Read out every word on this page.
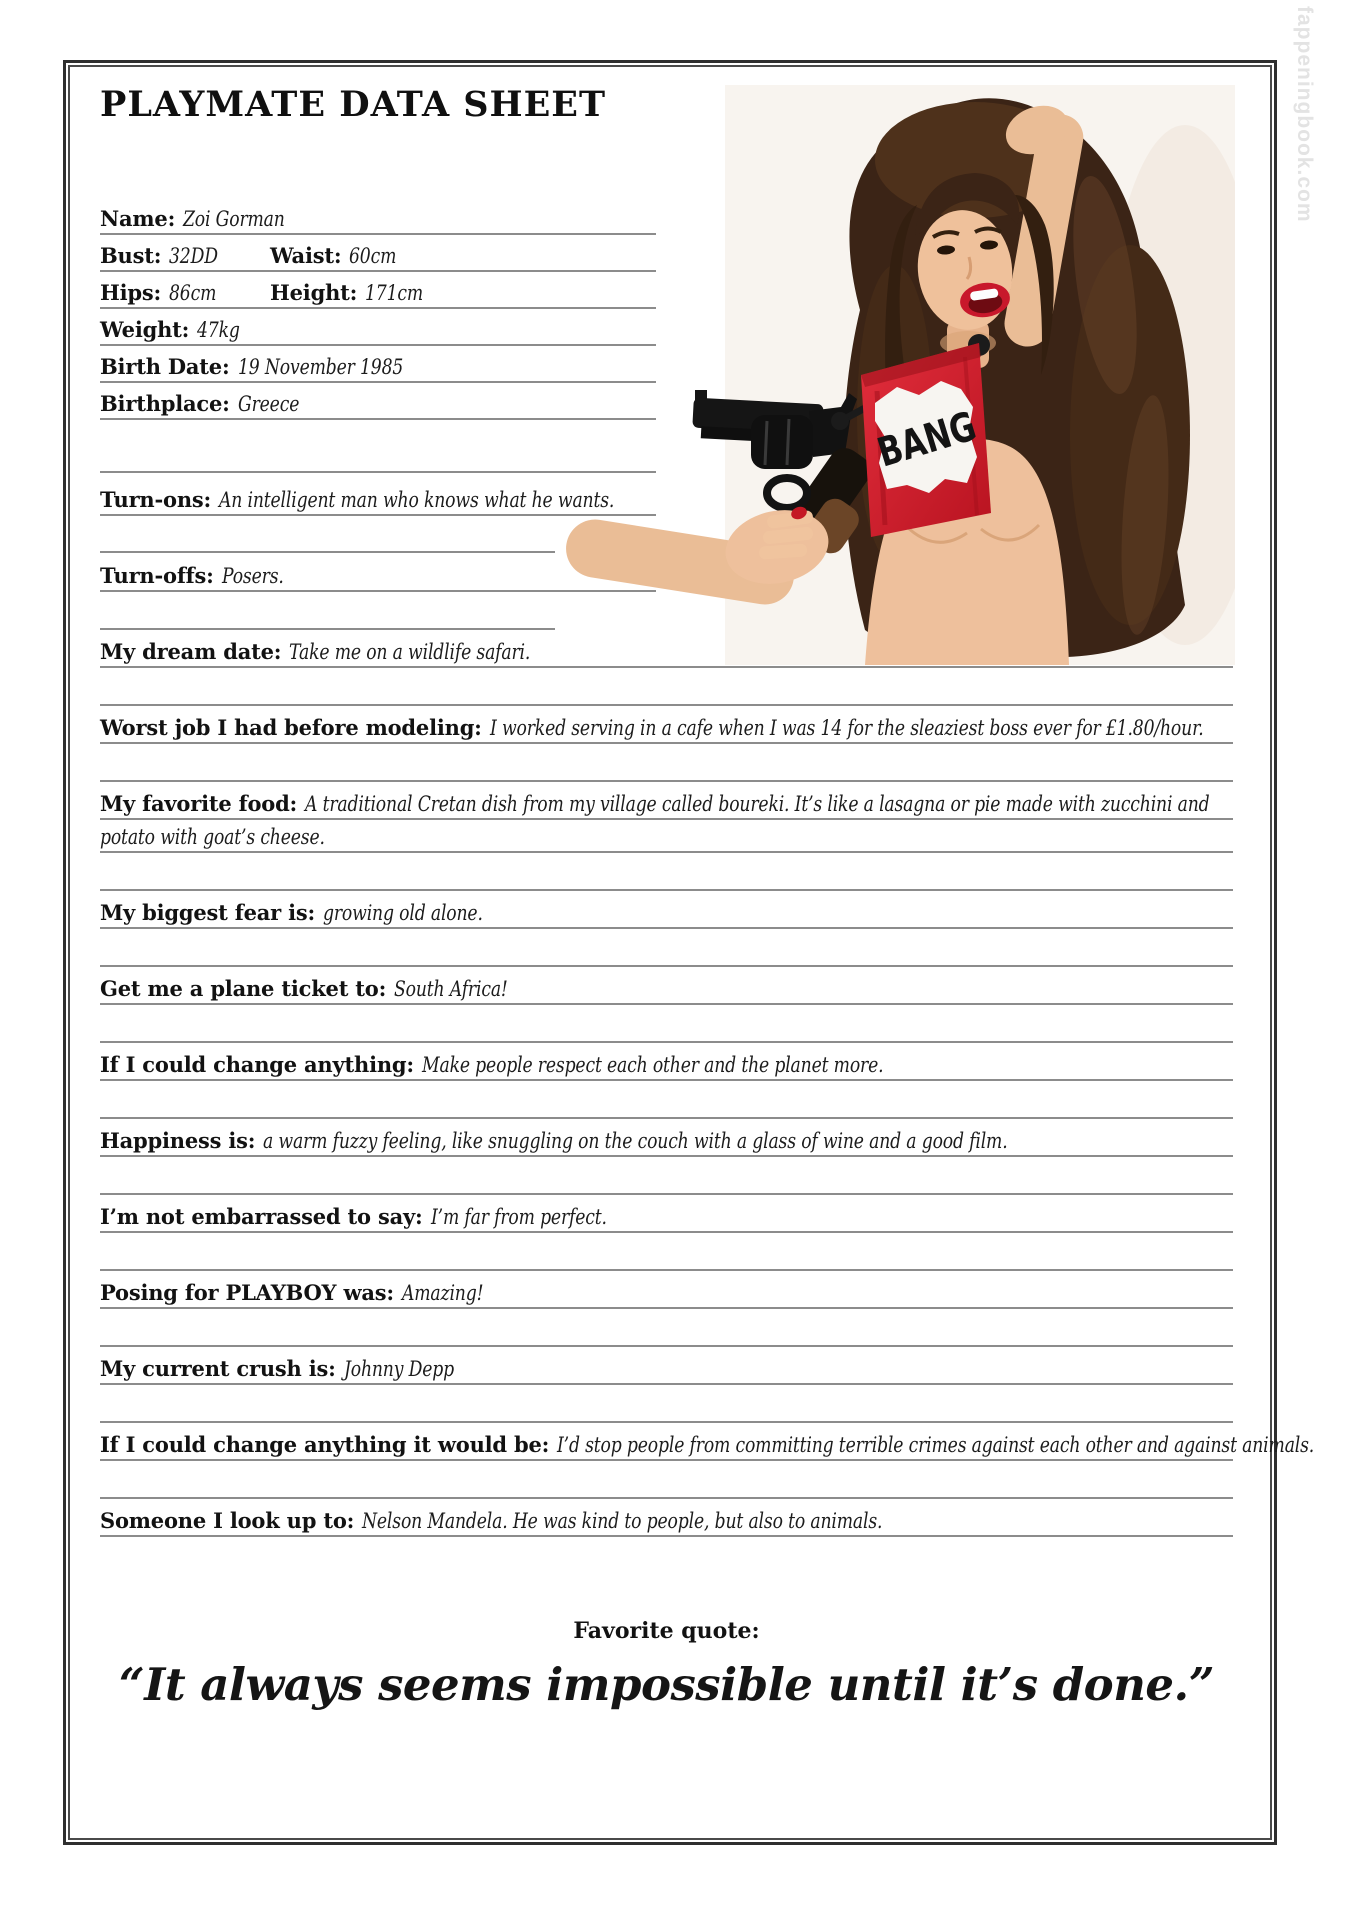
fappeningbook.com
PLAYMATE DATA SHEET
Name: Zoi Gorman
Bust: 32DD Waist: 60cm
Hips: 86cm	Height: 171cm
Weight: 47kg
Birth Date: 19 November 1985
Birthplace: Greece
Turn-ons: An intelligent man who knows what he wants.
Turn-offs: Posers.
My dream date: Take me on a wildlife safari.
Worst job I had before modeling: I worked serving in a cafe when I was 14 for the sleaziest boss ever for £1.80/hour.
My favorite food: A traditional Cretan dish from my village called boureki. It’s like a lasagna or pie made with zucchini and
potato with goat’s cheese.
My biggest fear is: growing old alone.
Get me a plane ticket to: South Africa!
If I could change anything: Make people respect each other and the planet more.
Happiness is: a warm fuzzy feeling, like snuggling on the couch with a glass of wine and a good film.
I’m not embarrassed to say: I’m far from perfect.
Posing for PLAYBOY was: Amazing!
My current crush is: Johnny Depp
If I could change anything it would be: I’d stop people from committing terrible crimes against each other and against animals.
Someone I look up to: Nelson Mandela. He was kind to people, but also to animals.
BANG
Favorite quote:
“It always seems impossible until it’s done.”
